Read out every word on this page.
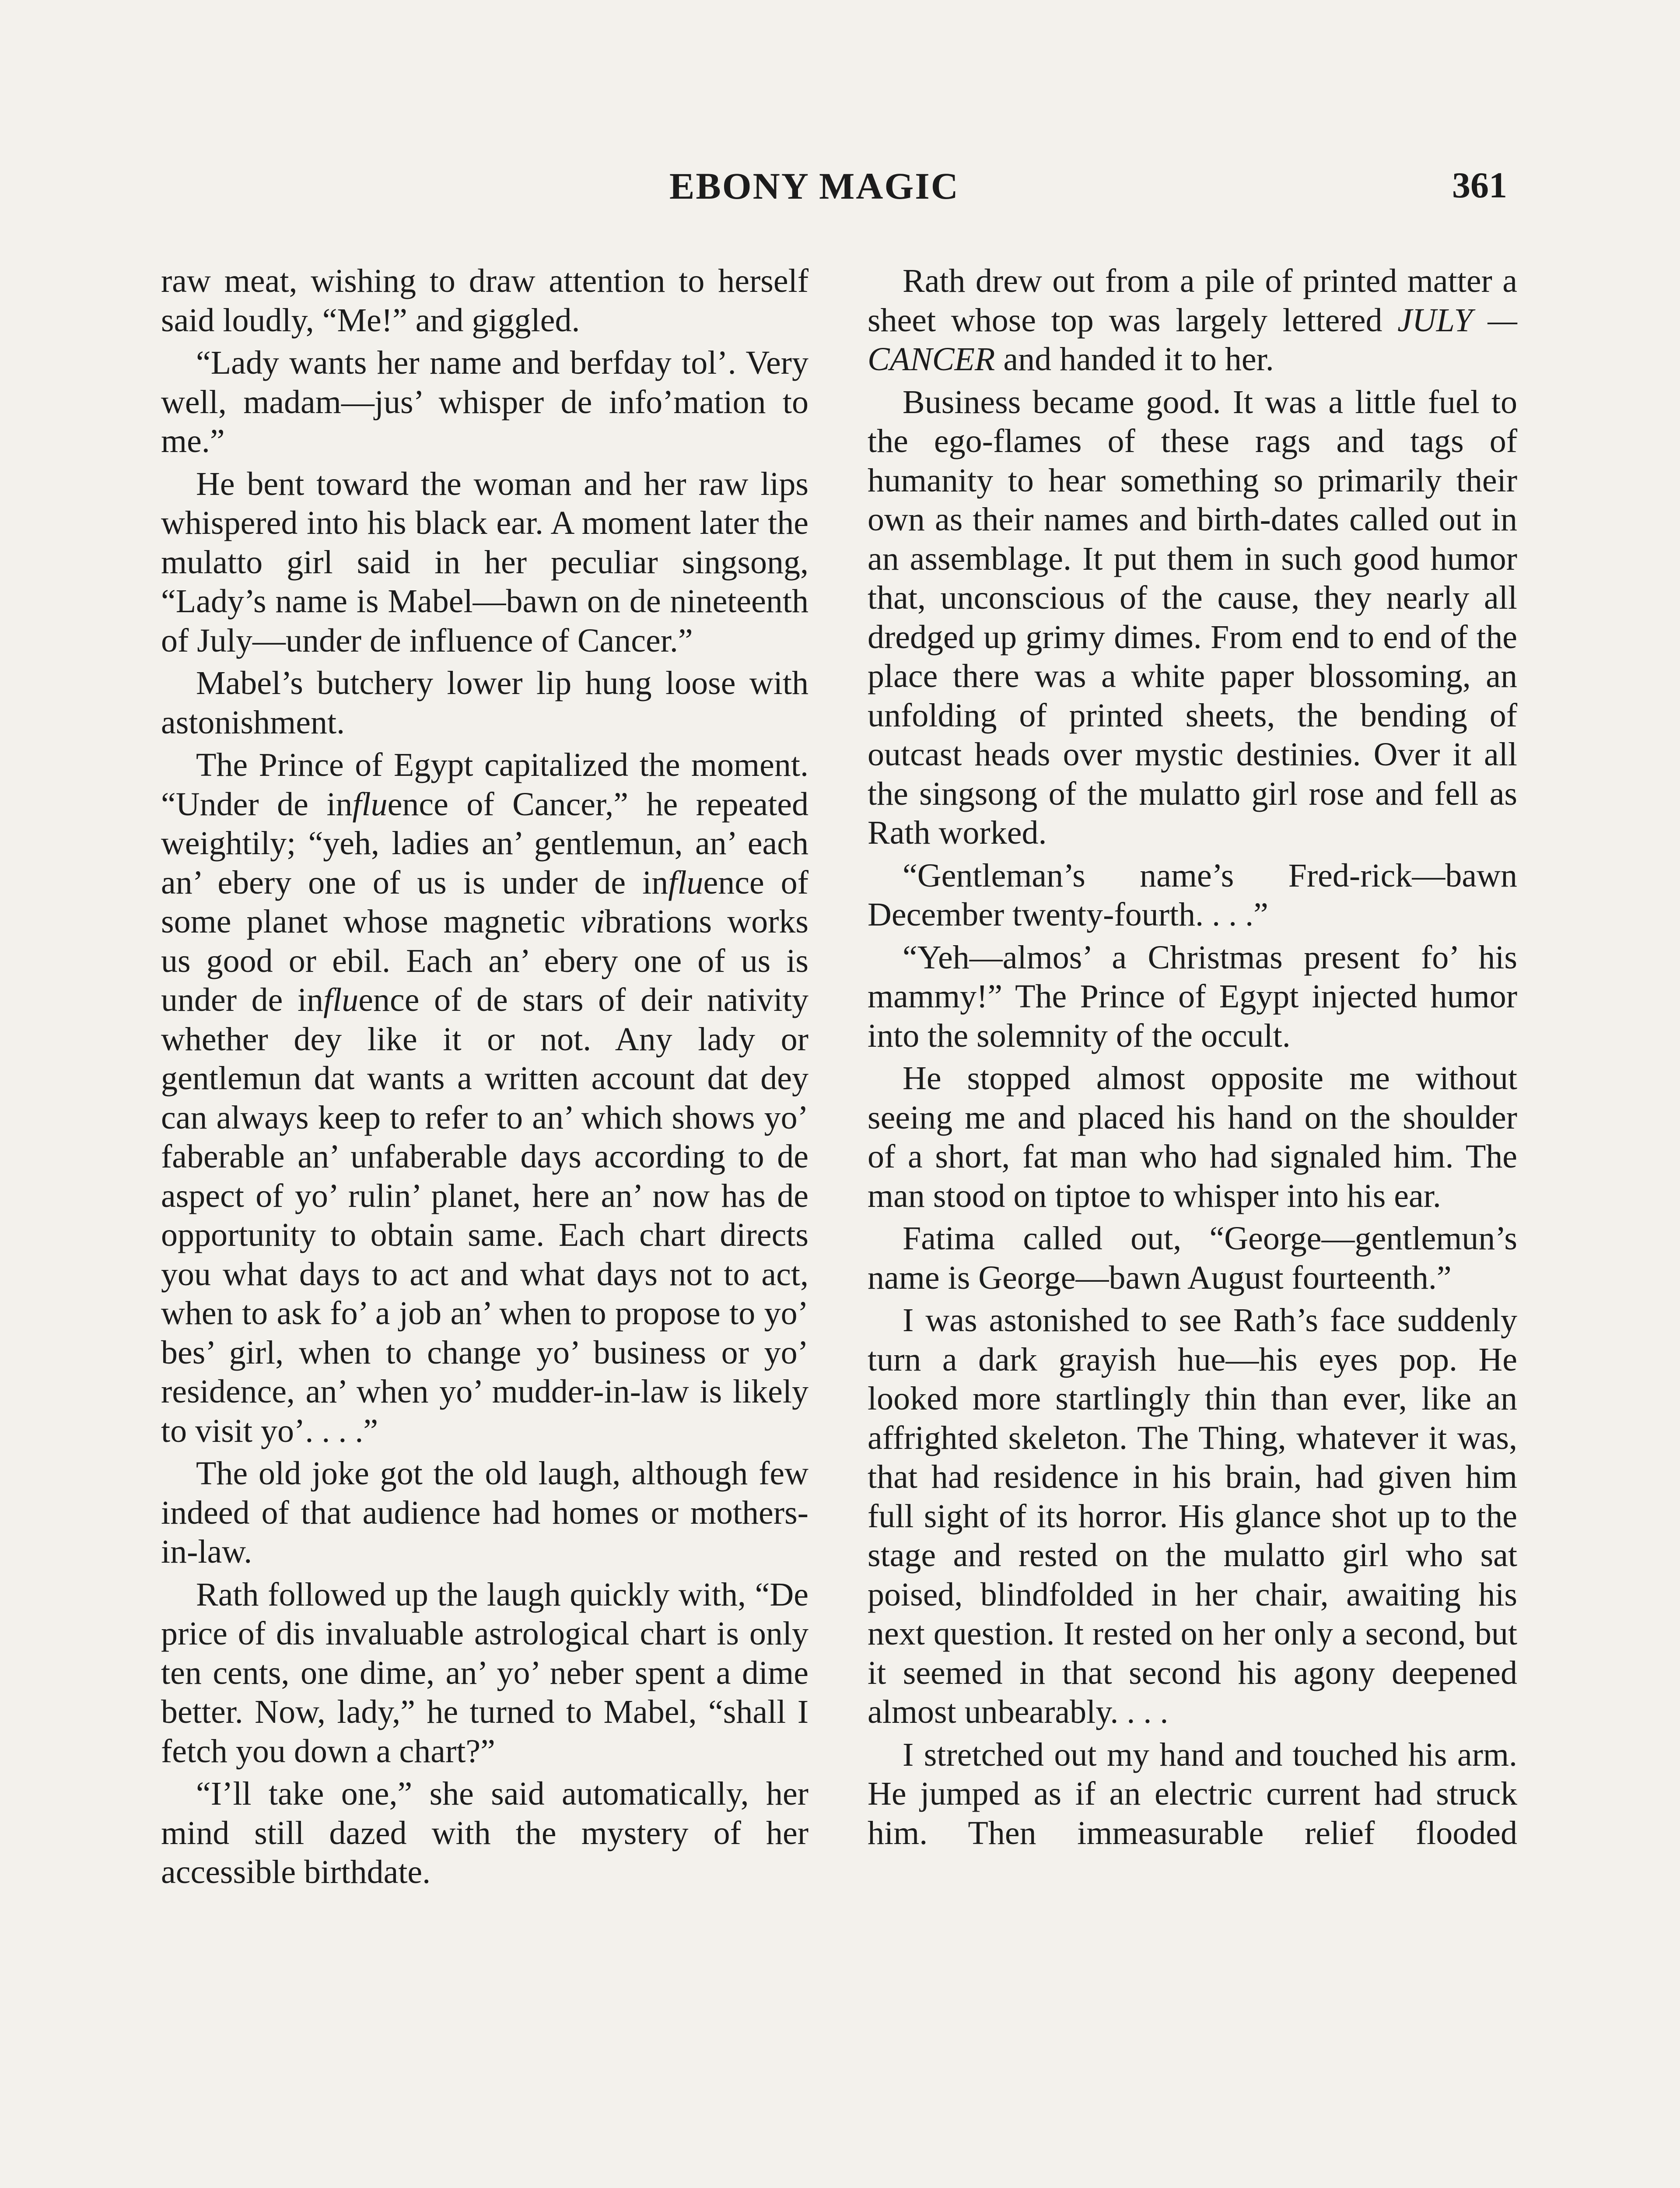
EBONY MAGIC	361

raw meat, wishing to draw attention to herself said loudly, “Me!” and giggled.

“Lady wants her name and berfday tol’. Very well, madam—jus’ whisper de info’mation to me.”

He bent toward the woman and her raw lips whispered into his black ear. A moment later the mulatto girl said in her peculiar singsong, “Lady’s name is Mabel—bawn on de nineteenth of July—under de influence of Cancer.”

Mabel’s butchery lower lip hung loose with astonishment.

The Prince of Egypt capitalized the moment. “Under de influence of Cancer,” he repeated weightily; “yeh, ladies an’ gentlemun, an’ each an’ ebery one of us is under de influence of some planet whose magnetic vibrations works us good or ebil. Each an’ ebery one of us is under de influence of de stars of deir nativity whether dey like it or not. Any lady or gentlemun dat wants a written account dat dey can always keep to refer to an’ which shows yo’ faberable an’ unfaberable days according to de aspect of yo’ rulin’ planet, here an’ now has de opportunity to obtain same. Each chart directs you what days to act and what days not to act, when to ask fo’ a job an’ when to propose to yo’ bes’ girl, when to change yo’ business or yo’ residence, an’ when yo’ mudder-in-law is likely to visit yo’. . . .”

The old joke got the old laugh, although few indeed of that audience had homes or mothers-in-law.

Rath followed up the laugh quickly with, “De price of dis invaluable astrological chart is only ten cents, one dime, an’ yo’ neber spent a dime better. Now, lady,” he turned to Mabel, “shall I fetch you down a chart?”

“I’ll take one,” she said automatically, her mind still dazed with the mystery of her accessible birthdate.

Rath drew out from a pile of printed matter a sheet whose top was largely lettered JULY — CANCER and handed it to her.

Business became good. It was a little fuel to the ego-flames of these rags and tags of humanity to hear something so primarily their own as their names and birth-dates called out in an assemblage. It put them in such good humor that, unconscious of the cause, they nearly all dredged up grimy dimes. From end to end of the place there was a white paper blossoming, an unfolding of printed sheets, the bending of outcast heads over mystic destinies. Over it all the singsong of the mulatto girl rose and fell as Rath worked.

“Gentleman’s name’s Fred-rick—bawn December twenty-fourth. . . .”

“Yeh—almos’ a Christmas present fo’ his mammy!” The Prince of Egypt injected humor into the solemnity of the occult.

He stopped almost opposite me without seeing me and placed his hand on the shoulder of a short, fat man who had signaled him. The man stood on tiptoe to whisper into his ear.

Fatima called out, “George—gentlemun’s name is George—bawn August fourteenth.”

I was astonished to see Rath’s face suddenly turn a dark grayish hue—his eyes pop. He looked more startlingly thin than ever, like an affrighted skeleton. The Thing, whatever it was, that had residence in his brain, had given him full sight of its horror. His glance shot up to the stage and rested on the mulatto girl who sat poised, blindfolded in her chair, awaiting his next question. It rested on her only a second, but it seemed in that second his agony deepened almost unbearably. . . .

I stretched out my hand and touched his arm. He jumped as if an electric current had struck him. Then immeasurable relief flooded
